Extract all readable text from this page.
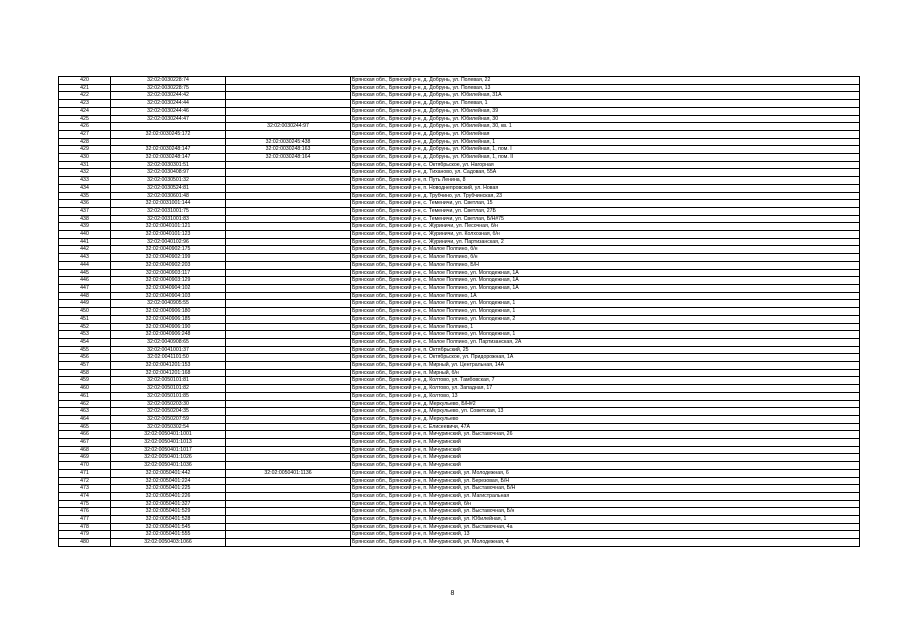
420	32:02:0030228:74		Брянская обл., Брянский р-н, д. Добрунь, ул. Полевая, 22
421	32:02:0030228:75		Брянская обл., Брянский р-н, д. Добрунь, ул. Полевая, 13
422	32:02:0030244:42		Брянская обл., Брянский р-н, д. Добрунь, ул. Юбилейная, 31А
423	32:02:0030244:44		Брянская обл., Брянский р-н, д. Добрунь, ул. Полевая, 1
424	32:02:0030244:46		Брянская обл., Брянский р-н, д. Добрунь, ул. Юбилейная, 39
425	32:02:0030244:47		Брянская обл., Брянский р-н, д. Добрунь, ул. Юбилейная, 30
426		32:02:0030244:97	Брянская обл., Брянский р-н, д. Добрунь, ул. Юбилейная, 30, кв. 1
427	32:02:0030245:172		Брянская обл., Брянский р-н, д. Добрунь, ул. Юбилейная
428		32:02:0030245:438	Брянская обл., Брянский р-н, д. Добрунь, ул. Юбилейная, 1
429	32:02:0030248:147	32:02:0030248:163	Брянская обл., Брянский р-н, д. Добрунь, ул. Юбилейная, 1, пом. I
430	32:02:0030248:147	32:02:0030248:164	Брянская обл., Брянский р-н, д. Добрунь, ул. Юбилейная, 1, пом. II
431	32:02:0030301:51		Брянская обл., Брянский р-н, с. Октябрьское, ул. Нагорная
432	32:02:0030408:97		Брянская обл., Брянский р-н, д. Тиханово, ул. Садовая, 55А
433	32:02:0030501:32		Брянская обл., Брянский р-н, п. Путь Ленина, 8
434	32:02:0030524:81		Брянская обл., Брянский р-н, п. Новоднепровский, ул. Новая
435	32:02:0030601:48		Брянская обл., Брянский р-н, д. Трубчино, ул. Трубчинская, 23
436	32:02:0031001:144		Брянская обл., Брянский р-н, с. Теменичи, ул. Светлая, 15
437	32:02:0031001:75		Брянская обл., Брянский р-н, с. Теменичи, ул. Светлая, 27Б
438	32:02:0031001:83		Брянская обл., Брянский р-н, с. Теменичи, ул. Светлая, Б/Н#75
439	32:02:0040101:121		Брянская обл., Брянский р-н, с. Журиничи, ул. Песочная, б/н
440	32:02:0040101:123		Брянская обл., Брянский р-н, с. Журиничи, ул. Колхозная, б/н
441	32:02:0040102:96		Брянская обл., Брянский р-н, с. Журиничи, ул. Партизанская, 2
442	32:02:0040902:175		Брянская обл., Брянский р-н, с. Малое Полпино, б/н
443	32:02:0040902:199		Брянская обл., Брянский р-н, с. Малое Полпино, б/н
444	32:02:0040902:203		Брянская обл., Брянский р-н, с. Малое Полпино, Б/Н
445	32:02:0040903:117		Брянская обл., Брянский р-н, с. Малое Полпино, ул. Молодежная, 1А
446	32:02:0040903:129		Брянская обл., Брянский р-н, с. Малое Полпино, ул. Молодежная, 1А
447	32:02:0040904:102		Брянская обл., Брянский р-н, с. Малое Полпино, ул. Молодежная, 1А
448	32:02:0040904:103		Брянская обл., Брянский р-н, с. Малое Полпино, 1А
449	32:02:0040905:55		Брянская обл., Брянский р-н, с. Малое Полпино, ул. Молодежная, 1
450	32:02:0040906:180		Брянская обл., Брянский р-н, с. Малое Полпино, ул. Молодежная, 1
451	32:02:0040906:185		Брянская обл., Брянский р-н, с. Малое Полпино, ул. Молодежная, 2
452	32:02:0040906:190		Брянская обл., Брянский р-н, с. Малое Полпино, 1
453	32:02:0040906:248		Брянская обл., Брянский р-н, с. Малое Полпино, ул. Молодежная, 1
454	32:02:0040908:65		Брянская обл., Брянский р-н, с. Малое Полпино, ул. Партизанская, 2А
455	32:02:0041001:37		Брянская обл., Брянский р-н, п. Октябрьский, 25
456	32:02:0041101:50		Брянская обл., Брянский р-н, с. Октябрьское, ул. Придорожная, 1А
457	32:02:0041201:153		Брянская обл., Брянский р-н, п. Мирный, ул. Центральная, 14А
458	32:02:0041201:168		Брянская обл., Брянский р-н, п. Мирный, б/н
459	32:02:0050101:81		Брянская обл., Брянский р-н, д. Колтово, ул. Тамбовская, 7
460	32:02:0050101:82		Брянская обл., Брянский р-н, д. Колтово, ул. Западная, 17
461	32:02:0050101:85		Брянская обл., Брянский р-н, д. Колтово, 13
462	32:02:0050203:30		Брянская обл., Брянский р-н, д. Меркульево, Б/Н#2
463	32:02:0050204:35		Брянская обл., Брянский р-н, д. Меркульево, ул. Советская, 13
464	32:02:0050207:59		Брянская обл., Брянский р-н, д. Меркульево
465	32:02:0050302:54		Брянская обл., Брянский р-н, с. Елисеевичи, 47А
466	32:02:0050401:1001		Брянская обл., Брянский р-н, п. Мичуринский, ул. Выставочная, 26
467	32:02:0050401:1013		Брянская обл., Брянский р-н, п. Мичуринский
468	32:02:0050401:1017		Брянская обл., Брянский р-н, п. Мичуринский
469	32:02:0050401:1026		Брянская обл., Брянский р-н, п. Мичуринский
470	32:02:0050401:1036		Брянская обл., Брянский р-н, п. Мичуринский
471	32:02:0050401:442	32:02:0050401:1136	Брянская обл., Брянский р-н, п. Мичуринский, ул. Молодежная, 6
472	32:02:0050401:224		Брянская обл., Брянский р-н, п. Мичуринский, ул. Березовая, Б/Н
473	32:02:0050401:225		Брянская обл., Брянский р-н, п. Мичуринский, ул. Выставочная, Б/Н
474	32:02:0050401:226		Брянская обл., Брянский р-н, п. Мичуринский, ул. Магистральная
475	32:02:0050401:327		Брянская обл., Брянский р-н, п. Мичуринский, б/н
476	32:02:0050401:529		Брянская обл., Брянский р-н, п. Мичуринский, ул. Выставочная, Б/н
477	32:02:0050401:528		Брянская обл., Брянский р-н, п. Мичуринский, ул. Юбилейная, 1
478	32:02:0050401:545		Брянская обл., Брянский р-н, п. Мичуринский, ул. Выставочная, 4а
479	32:02:0050401:555		Брянская обл., Брянский р-н, п. Мичуринский, 13
480	32:02:0050403:1066		Брянская обл., Брянский р-н, п. Мичуринский, ул. Молодежная, 4
8
